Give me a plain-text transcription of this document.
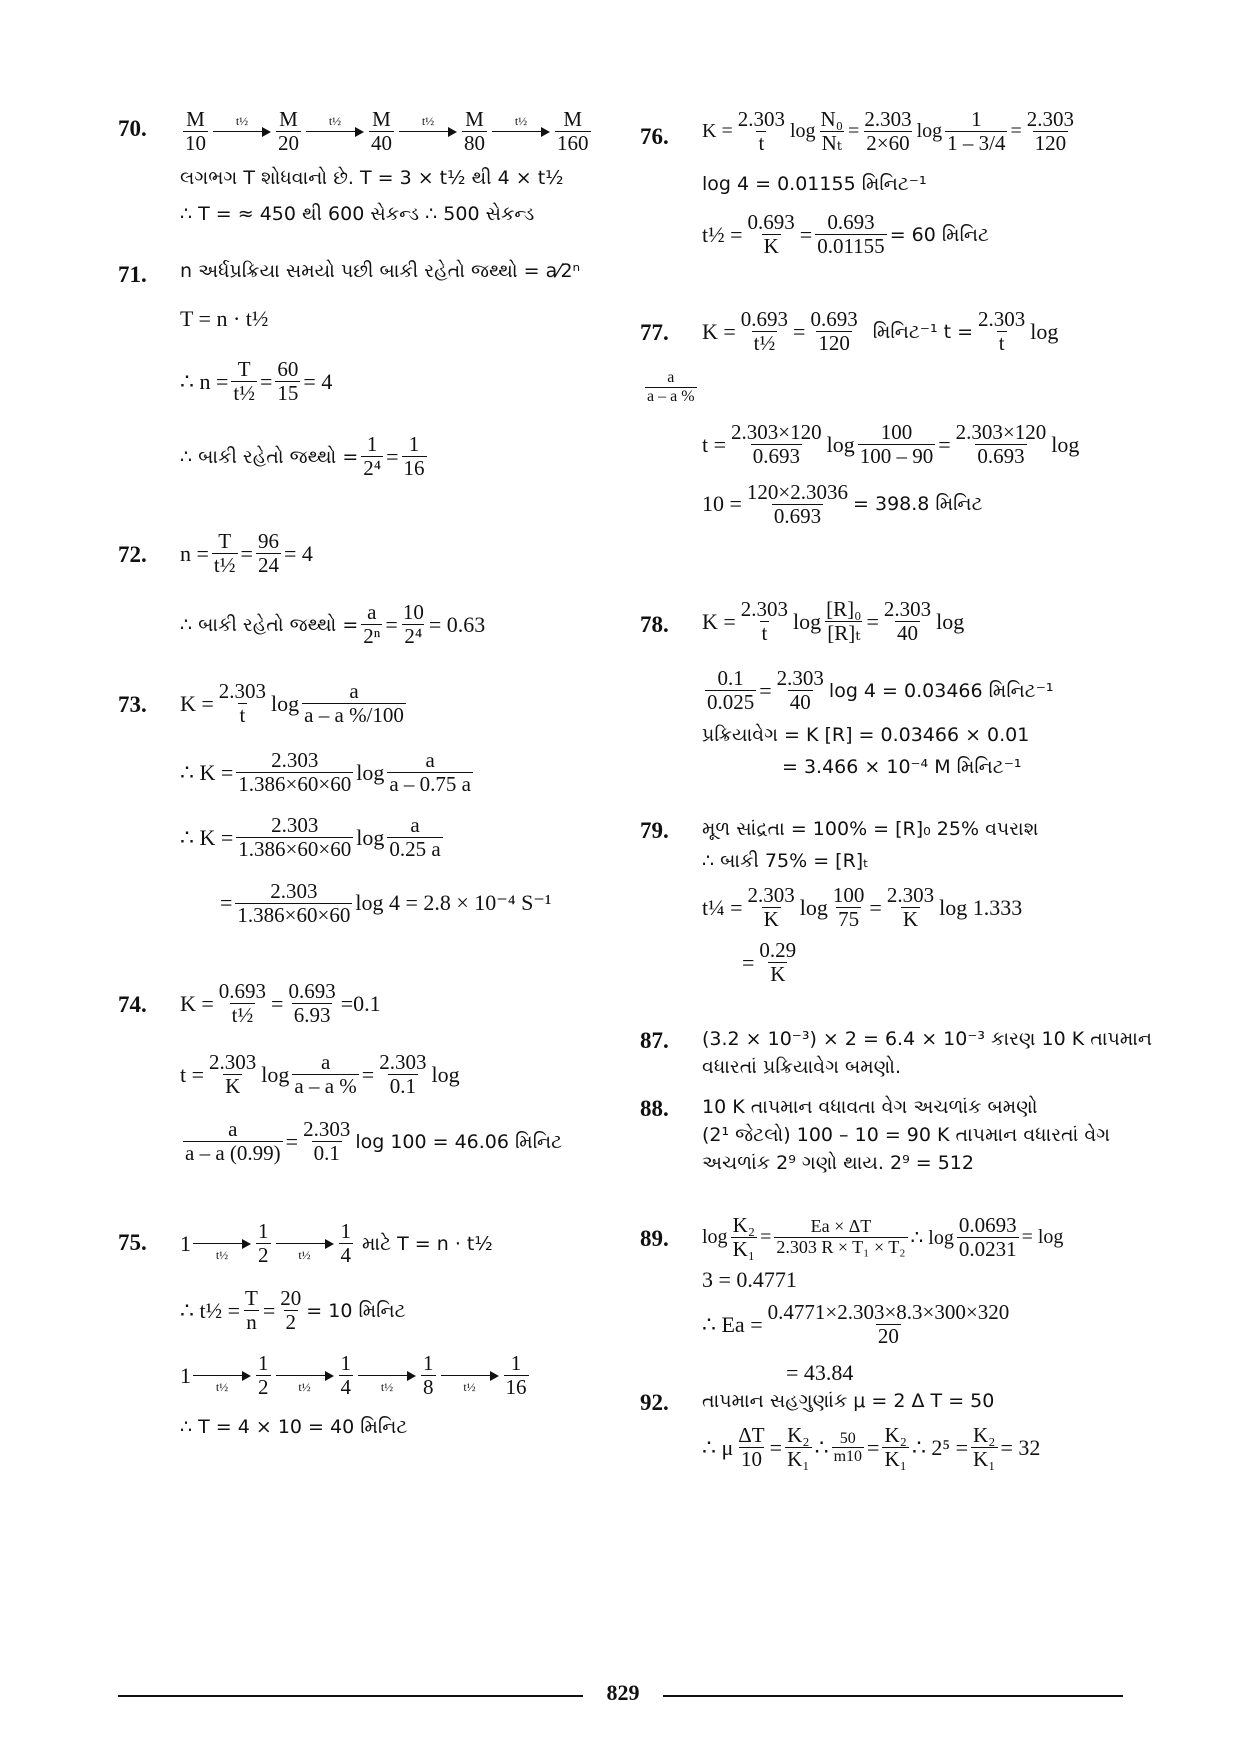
70. $\frac{M}{10}$ t½ $\frac{M}{20}$ t½ $\frac{M}{40}$ t½ $\frac{M}{80}$ t½ $\frac{M}{160}$
લગભગ T શોધવાનો છે. T = 3 × t½ થી 4 × t½
∴ T = ≈ 450 થી 600 સેકન્ડ ∴ 500 સેકન્ડ
71. n અર્ધપ્રક્રિયા સમયો પછી બાકી રહેતો જથ્થો = a⁄2ⁿ
T = n · t½
∴ $n = \frac{T}{\text{t½}} = \frac{60}{15} = 4$
∴ બાકી રહેતો જથ્થો = $\frac{1}{\text{2⁴}} = \frac{1}{16}$
72. $n = \frac{T}{\text{t½}} = \frac{96}{24} = 4$
∴ બાકી રહેતો જથ્થો = $\frac{a}{\text{2ⁿ}} = \frac{10}{\text{2⁴}} = 0.63$
73. $K = \frac{2.303}{t}$ $\log \frac{a}{a - a \%/100}$
∴ $K = \frac{2.303}{1.386\times 60\times 60}$ $\log \frac{a}{a - 0.75 a}$
∴ $K = \frac{2.303}{1.386\times 60\times 60}$ $\log \frac{a}{0.25 a}$
= $\frac{2.303}{1.386\times 60\times 60}$ log 4 = 2.8 × 10⁻⁴ S⁻¹
74. $K = \frac{0.693}{\text{t½}} = \frac{0.693}{6.93} =0.1$
$t = \frac{2.303}{K}$ $\log \frac{a}{a - a \%} = \frac{2.303}{0.1}$ log
$\frac{a}{a - a (0.99)} = \frac{2.303}{0.1}$ log 100 = 46.06 મિનિટ
75. 1 t½ $\frac{1}{2}$ t½ $\frac{1}{4}$ માટે T = n · t½
∴ t½ = $\frac{T}{n} = \frac{20}{2} = 10$ મિનિટ
1 t½ $\frac{1}{2}$ t½ $\frac{1}{4}$ t½ $\frac{1}{8}$ t½ $\frac{1}{16}$
∴ T = 4 × 10 = 40 મિનિટ
76. $K = \frac{2.303}{t}$ $\log \frac{\text{N₀}}{\text{Nₜ}} = \frac{2.303}{2\times 60}$ $\log \frac{1}{1 - 3/4} = \frac{2.303}{120}$
log 4 = 0.01155 મિનિટ⁻¹
t½ = $\frac{0.693}{K} = \frac{0.693}{0.01155} = 60$ મિનિટ
77. $K = \frac{0.693}{\text{t½}} = \frac{0.693}{120}$ મિનિટ⁻¹ $t = \frac{2.303}{t}$ log
$\frac{a}{a - a \%}$
$t = \frac{2.303\times 120}{0.693}$ $\log \frac{100}{100 - 90} = \frac{2.303\times 120}{0.693}$ log
$10 = \frac{120\times 2.3036}{0.693} = 398.8$ મિનિટ
78. $K = \frac{2.303}{t}$ $\log \frac{\text{[R]₀}}{\text{[R]ₜ}} = \frac{2.303}{40}$ log
$\frac{0.1}{0.025} = \frac{2.303}{40}$ log 4 = 0.03466 મિનિટ⁻¹
પ્રક્રિયાવેગ = K [R] = 0.03466 × 0.01
= 3.466 × 10⁻⁴ M મિનિટ⁻¹
79. મૂળ સાંદ્રતા = 100% = [R]₀ 25% વપરાશ
∴ બાકી 75% = [R]ₜ
t¼ = $\frac{2.303}{K}$ $\log \frac{100}{75} = \frac{2.303}{K}$ log 1.333
= $\frac{0.29}{K}$
87. (3.2 × 10⁻³) × 2 = 6.4 × 10⁻³ કારણ 10 K તાપમાન
વધારતાં પ્રક્રિયાવેગ બમણો.
88. 10 K તાપમાન વધાવતા વેગ અચળાંક બમણો
(2¹ જેટલો) 100 – 10 = 90 K તાપમાન વધારતાં વેગ
અચળાંક 2⁹ ગણો થાય. 2⁹ = 512
89. $\log \frac{\text{K₂}}{\text{K₁}} = \frac{Ea \times \Delta T}{\text{2.303 R × T₁ × T₂}}$ ∴ $\log \frac{0.0693}{0.0231} = \log$
3 = 0.4771
∴ $Ea = \frac{0.4771\times 2.303\times 8.3\times 300\times 320}{20}$
= 43.84
92. તાપમાન સહગુણાંક μ = 2 Δ T = 50
∴ μ $\frac{\Delta T}{10} = \frac{\text{K₂}}{\text{K₁}}$ ∴ $\frac{50}{m10} = \frac{\text{K₂}}{\text{K₁}}$ ∴ $2^5 = \frac{\text{K₂}}{\text{K₁}} = 32$
829
